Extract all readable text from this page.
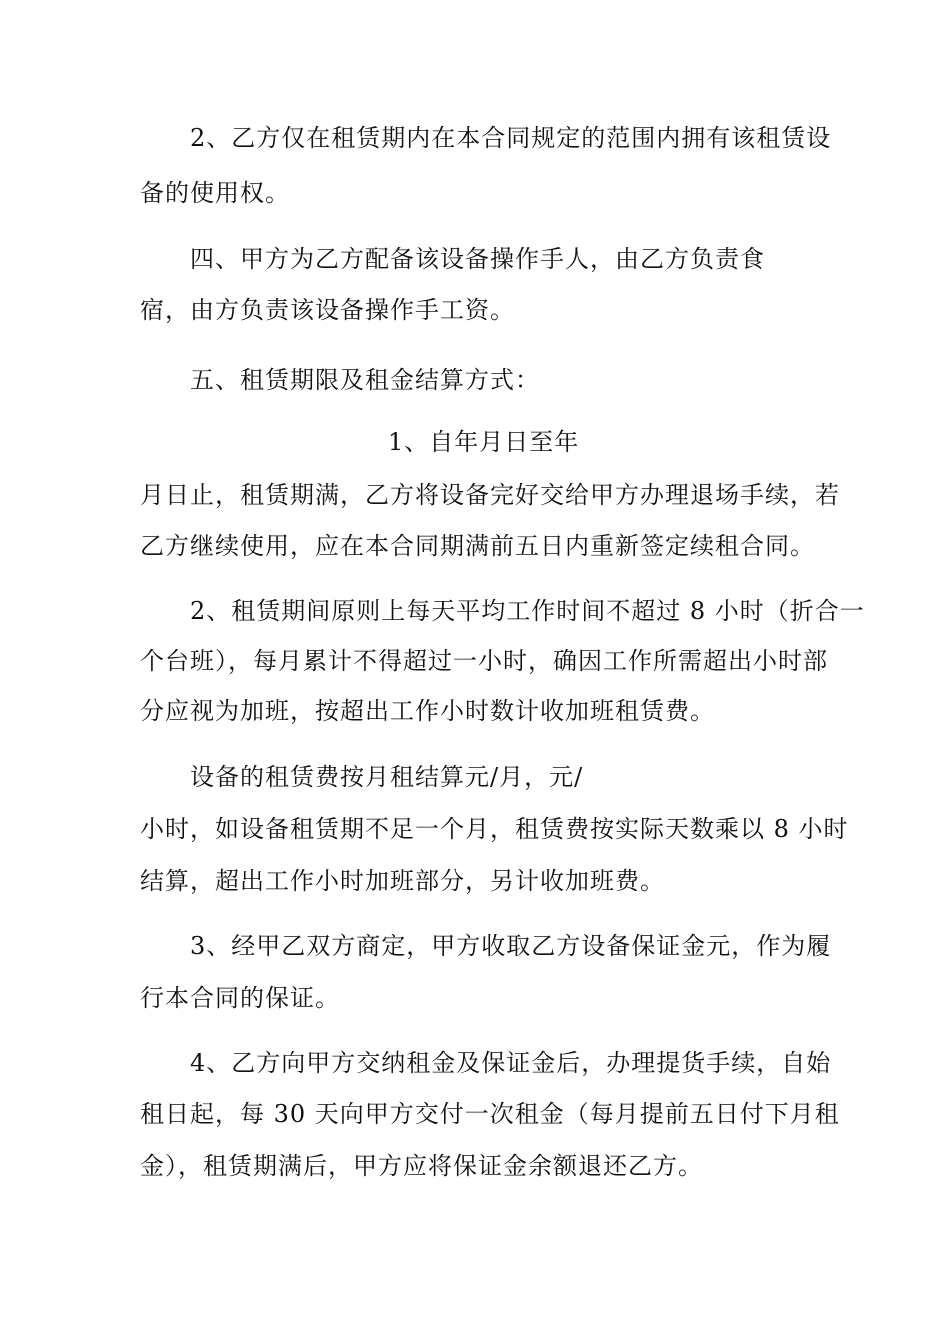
2、乙方仅在租赁期内在本合同规定的范围内拥有该租赁设
备的使用权。
四、甲方为乙方配备该设备操作手人，由乙方负责食
宿，由方负责该设备操作手工资。
五、租赁期限及租金结算方式：
1、自年月日至年
月日止，租赁期满，乙方将设备完好交给甲方办理退场手续，若
乙方继续使用，应在本合同期满前五日内重新签定续租合同。
2、租赁期间原则上每天平均工作时间不超过 8 小时（折合一
个台班），每月累计不得超过一小时，确因工作所需超出小时部
分应视为加班，按超出工作小时数计收加班租赁费。
设备的租赁费按月租结算元/月，元/
小时，如设备租赁期不足一个月，租赁费按实际天数乘以 8 小时
结算，超出工作小时加班部分，另计收加班费。
3、经甲乙双方商定，甲方收取乙方设备保证金元，作为履
行本合同的保证。
4、乙方向甲方交纳租金及保证金后，办理提货手续，自始
租日起，每 30 天向甲方交付一次租金（每月提前五日付下月租
金），租赁期满后，甲方应将保证金余额退还乙方。
